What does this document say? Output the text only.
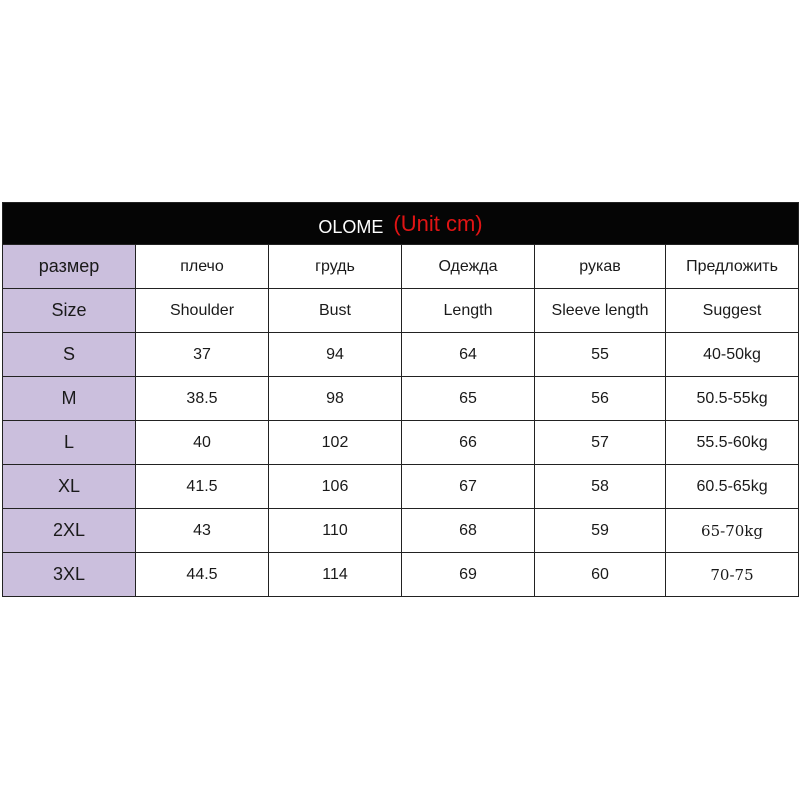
OLOME (Unit cm)					
размер	плечо	грудь	Одежда	рукав	Предложить
Size	Shoulder	Bust	Length	Sleeve length	Suggest
S	37	94	64	55	40-50kg
M	38.5	98	65	56	50.5-55kg
L	40	102	66	57	55.5-60kg
XL	41.5	106	67	58	60.5-65kg
2XL	43	110	68	59	65-70kg
3XL	44.5	114	69	60	70-75
